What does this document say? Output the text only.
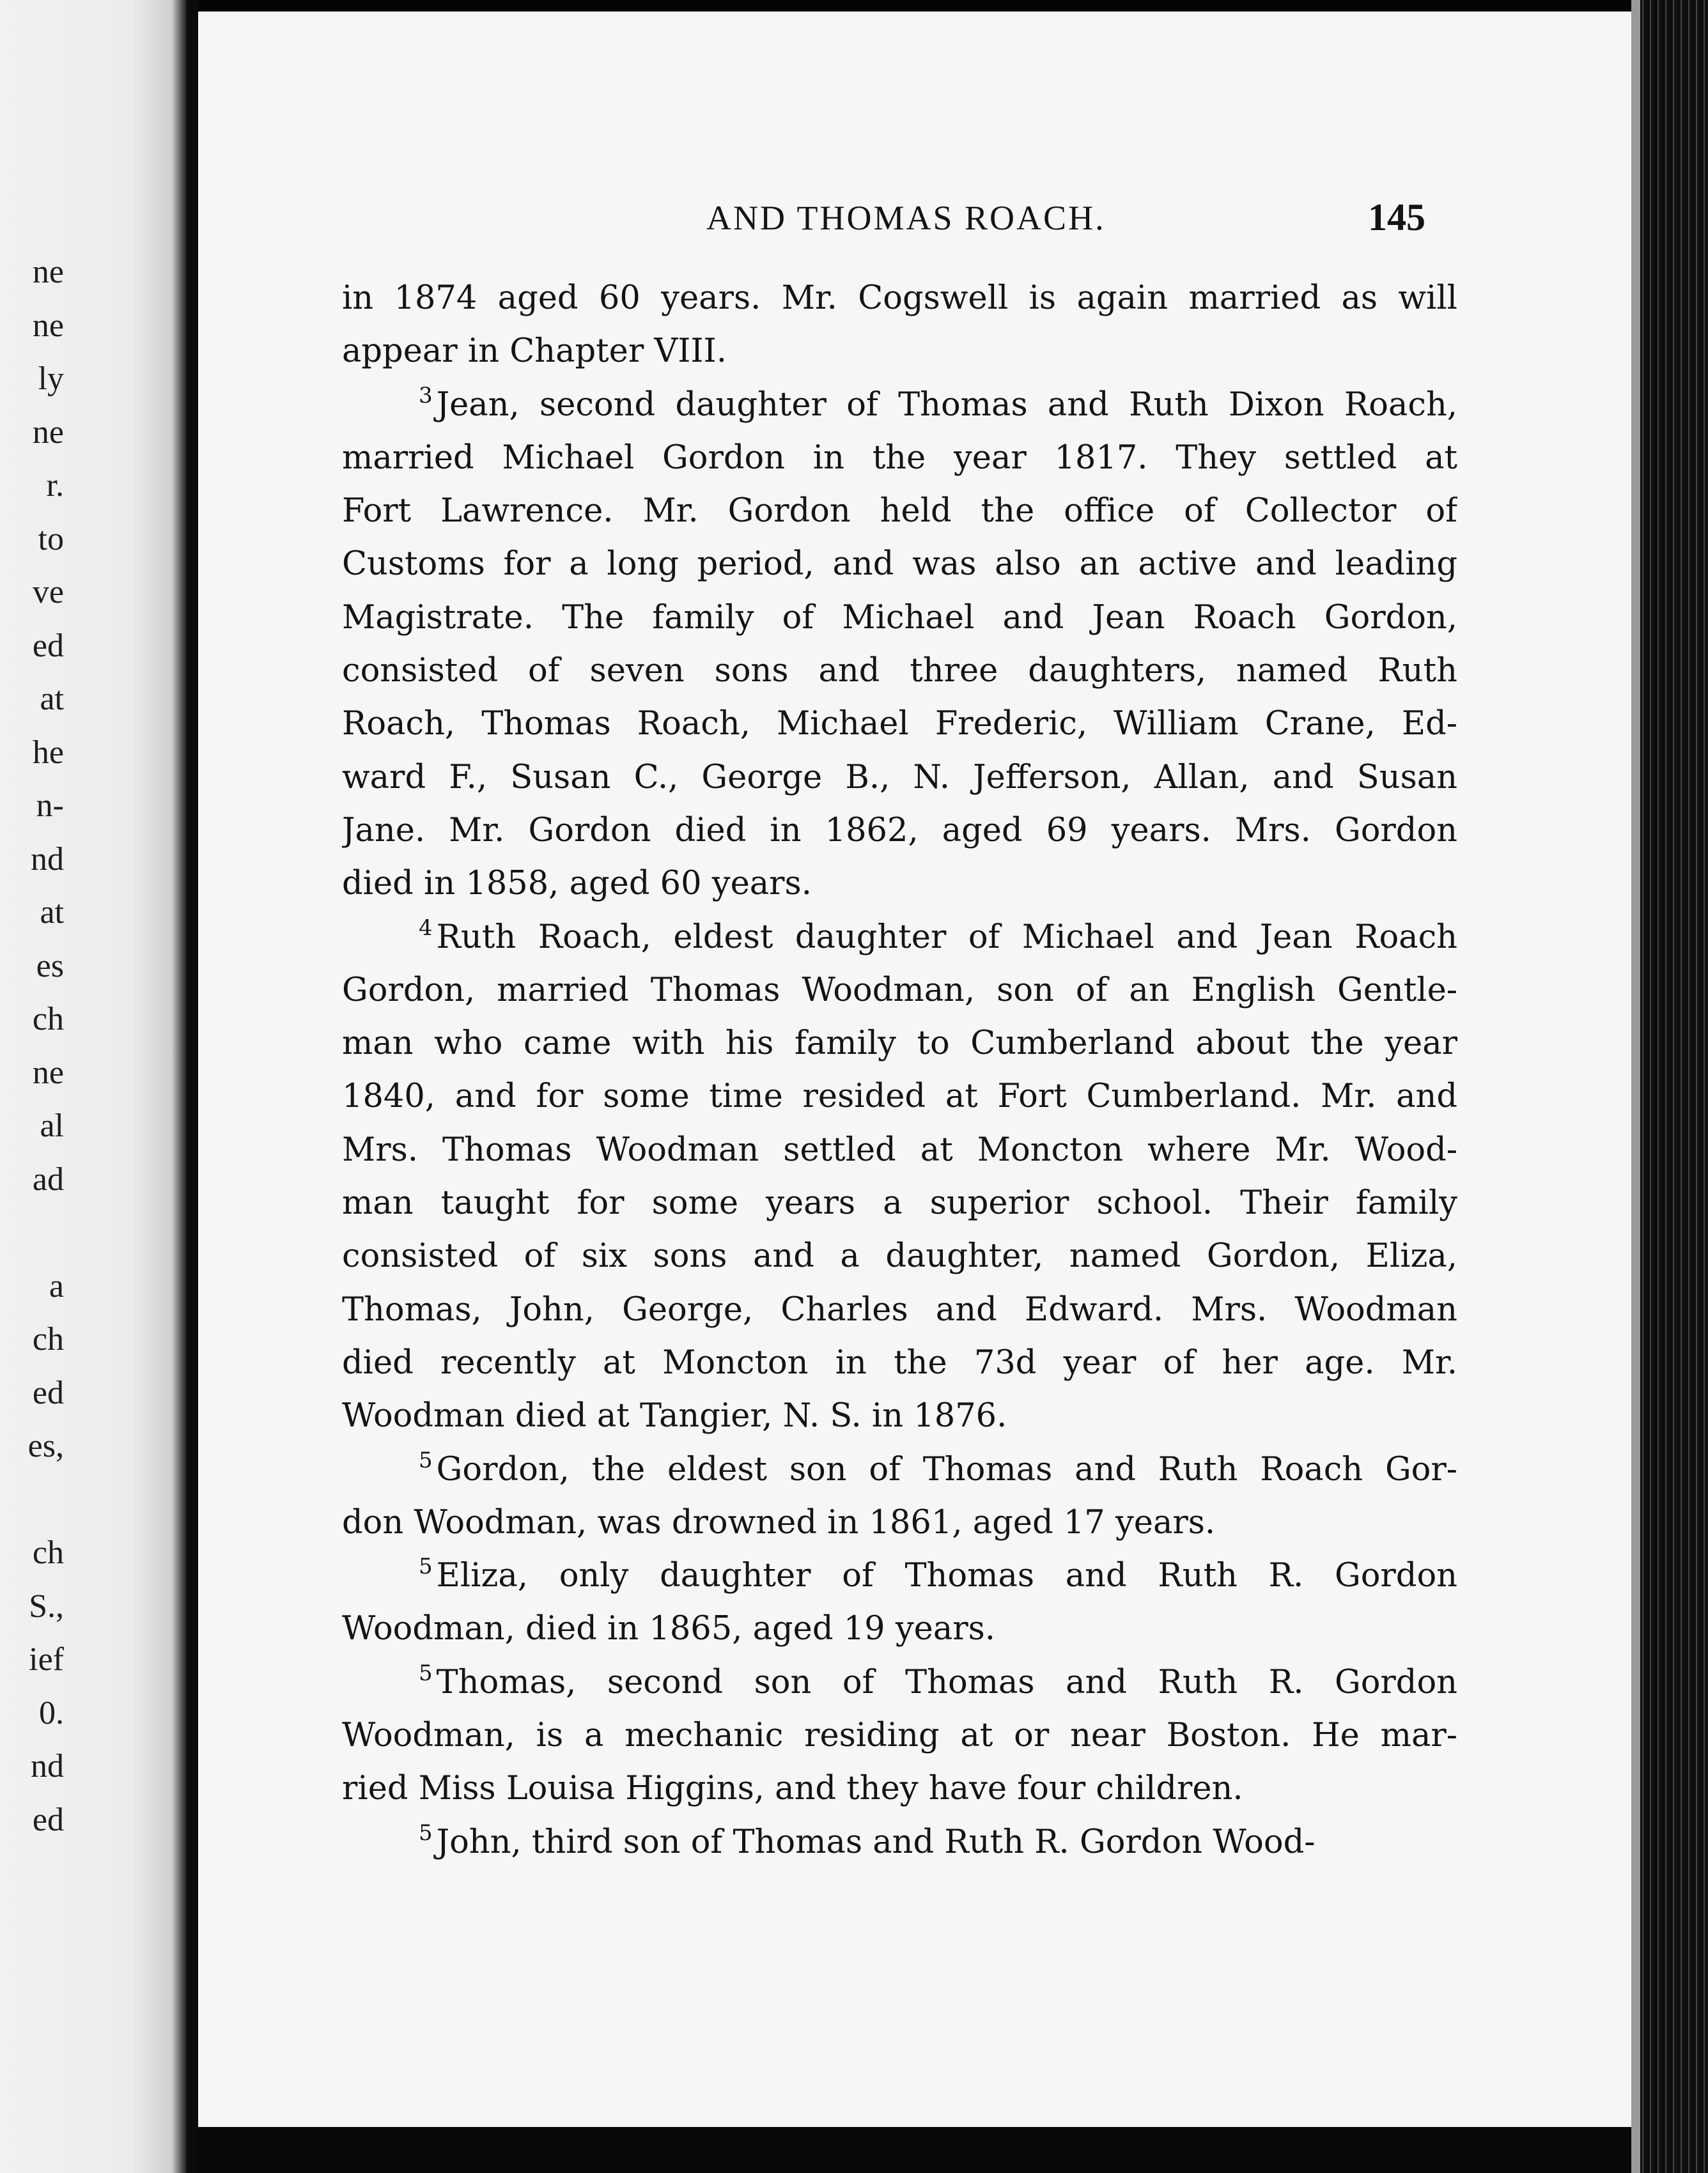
ne
ne
ly
ne
r.
to
ve
ed
at
he
n-
nd
at
es
ch
ne
al
ad
a
ch
ed
es,
ch
S.,
ief
0.
nd
ed
AND THOMAS ROACH.	145
in 1874 aged 60 years. Mr. Cogswell is again married as will
appear in Chapter VIII.
$^3$ Jean, second daughter of Thomas and Ruth Dixon Roach,
married Michael Gordon in the year 1817. They settled at
Fort Lawrence. Mr. Gordon held the office of Collector of
Customs for a long period, and was also an active and leading
Magistrate. The family of Michael and Jean Roach Gordon,
consisted of seven sons and three daughters, named Ruth
Roach, Thomas Roach, Michael Frederic, William Crane, Ed-
ward F., Susan C., George B., N. Jefferson, Allan, and Susan
Jane. Mr. Gordon died in 1862, aged 69 years. Mrs. Gordon
died in 1858, aged 60 years.
$^4$ Ruth Roach, eldest daughter of Michael and Jean Roach
Gordon, married Thomas Woodman, son of an English Gentle-
man who came with his family to Cumberland about the year
1840, and for some time resided at Fort Cumberland. Mr. and
Mrs. Thomas Woodman settled at Moncton where Mr. Wood-
man taught for some years a superior school. Their family
consisted of six sons and a daughter, named Gordon, Eliza,
Thomas, John, George, Charles and Edward. Mrs. Woodman
died recently at Moncton in the 73d year of her age. Mr.
Woodman died at Tangier, N. S. in 1876.
$^5$ Gordon, the eldest son of Thomas and Ruth Roach Gor-
don Woodman, was drowned in 1861, aged 17 years.
$^5$ Eliza, only daughter of Thomas and Ruth R. Gordon
Woodman, died in 1865, aged 19 years.
$^5$ Thomas, second son of Thomas and Ruth R. Gordon
Woodman, is a mechanic residing at or near Boston. He mar-
ried Miss Louisa Higgins, and they have four children.
$^5$ John, third son of Thomas and Ruth R. Gordon Wood-
